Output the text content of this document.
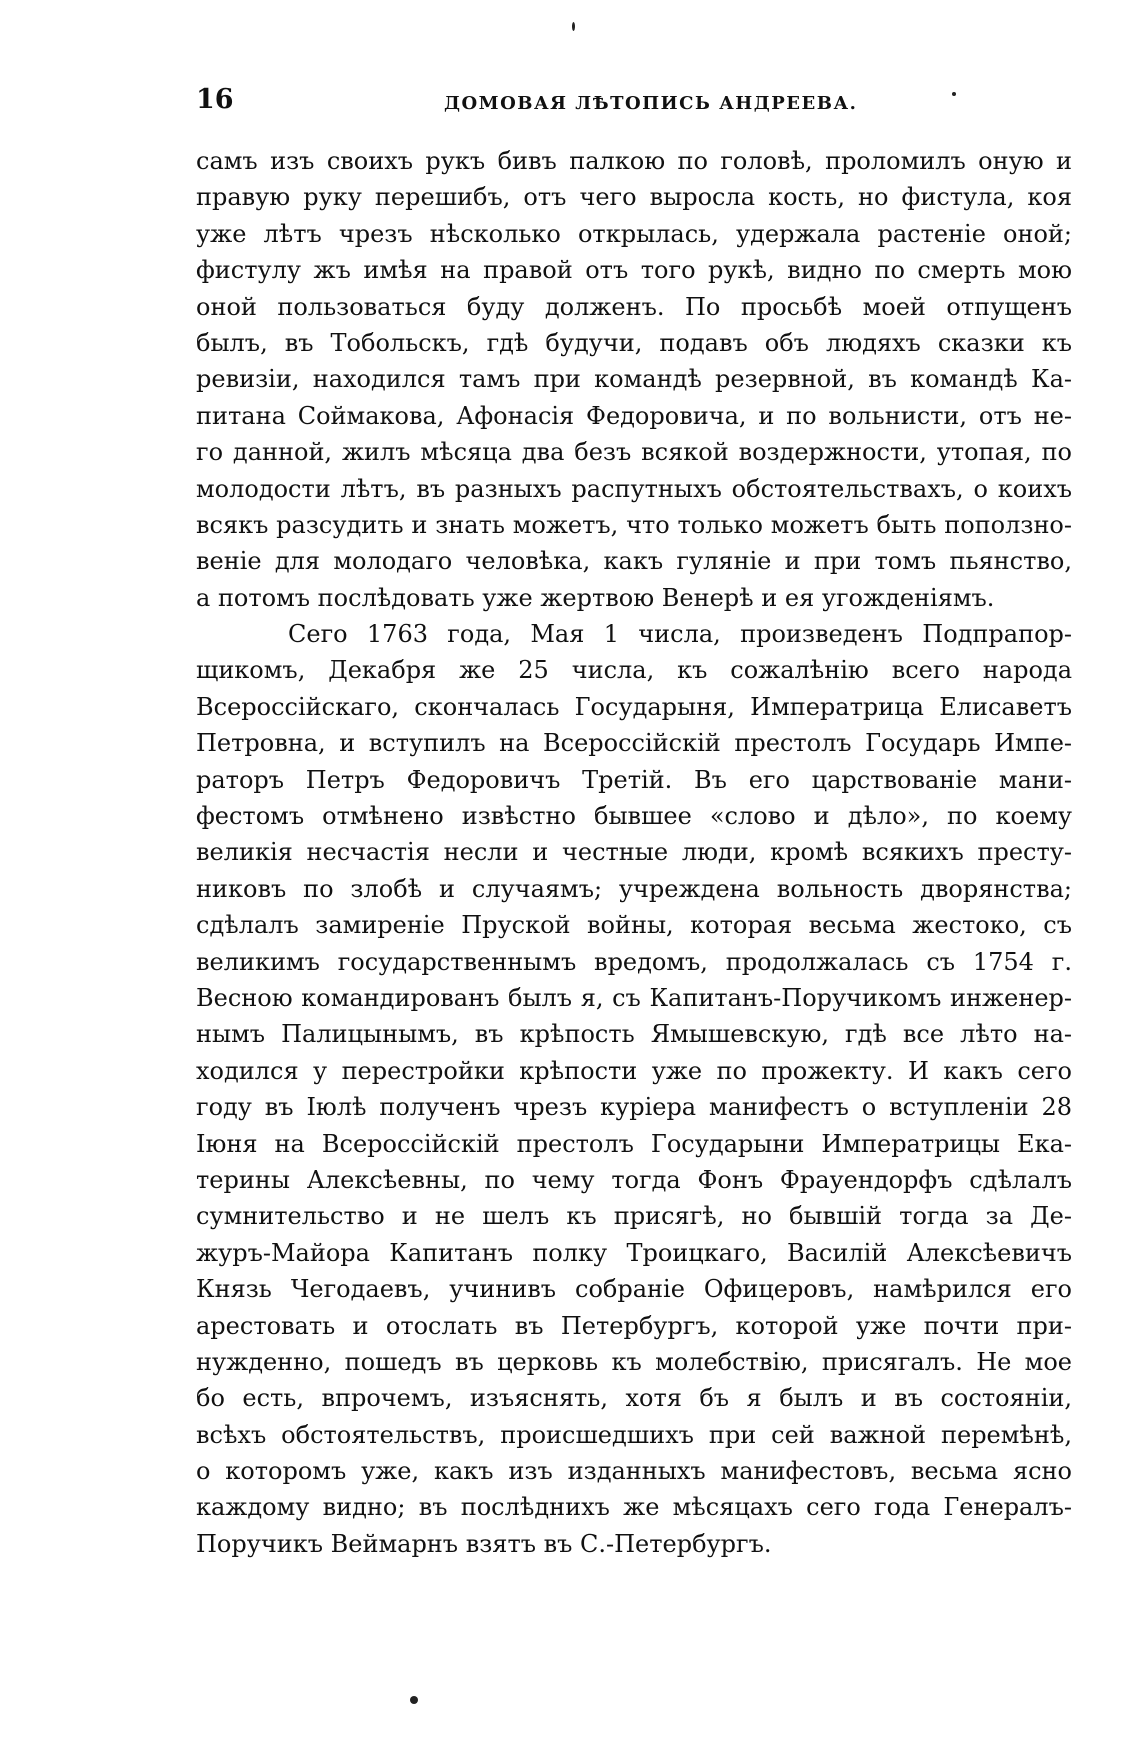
16	ДОМОВАЯ ЛѢТОПИСЬ АНДРЕЕВА.
самъ изъ своихъ рукъ бивъ палкою по головѣ, проломилъ оную и
правую руку перешибъ, отъ чего выросла кость, но фистула, коя
уже лѣтъ чрезъ нѣсколько открылась, удержала растеніе оной;
фистулу жъ имѣя на правой отъ того рукѣ, видно по смерть мою
оной пользоваться буду долженъ. По просьбѣ моей отпущенъ
былъ, въ Тобольскъ, гдѣ будучи, подавъ объ людяхъ сказки къ
ревизіи, находился тамъ при командѣ резервной, въ командѣ Ка-
питана Соймакова, Афонасія Федоровича, и по вольнисти, отъ не-
го данной, жилъ мѣсяца два безъ всякой воздержности, утопая, по
молодости лѣтъ, въ разныхъ распутныхъ обстоятельствахъ, о коихъ
всякъ разсудить и знать можетъ, что только можетъ быть поползно-
веніе для молодаго человѣка, какъ гуляніе и при томъ пьянство,
а потомъ послѣдовать уже жертвою Венерѣ и ея угожденіямъ.
Сего 1763 года, Мая 1 числа, произведенъ Подпрапор-
щикомъ, Декабря же 25 числа, къ сожалѣнію всего народа
Всероссійскаго, скончалась Государыня, Императрица Елисаветъ
Петровна, и вступилъ на Всероссійскій престолъ Государь Импе-
раторъ Петръ Федоровичъ Третій. Въ его царствованіе мани-
фестомъ отмѣнено извѣстно бывшее «слово и дѣло», по коему
великія несчастія несли и честные люди, кромѣ всякихъ престу-
никовъ по злобѣ и случаямъ; учреждена вольность дворянства;
сдѣлалъ замиреніе Пруской войны, которая весьма жестоко, съ
великимъ государственнымъ вредомъ, продолжалась съ 1754 г.
Весною командированъ былъ я, съ Капитанъ-Поручикомъ инженер-
нымъ Палицынымъ, въ крѣпость Ямышевскую, гдѣ все лѣто на-
ходился у перестройки крѣпости уже по прожекту. И какъ сего
году въ Іюлѣ полученъ чрезъ куріера манифестъ о вступленіи 28
Іюня на Всероссійскій престолъ Государыни Императрицы Ека-
терины Алексѣевны, по чему тогда Фонъ Фрауендорфъ сдѣлалъ
сумнительство и не шелъ къ присягѣ, но бывшій тогда за Де-
журъ-Майора Капитанъ полку Троицкаго, Василій Алексѣевичъ
Князь Чегодаевъ, учинивъ собраніе Офицеровъ, намѣрился его
арестовать и отослать въ Петербургъ, которой уже почти при-
нужденно, пошедъ въ церковь къ молебствію, присягалъ. Не мое
бо есть, впрочемъ, изъяснять, хотя бъ я былъ и въ состояніи,
всѣхъ обстоятельствъ, происшедшихъ при сей важной перемѣнѣ,
о которомъ уже, какъ изъ изданныхъ манифестовъ, весьма ясно
каждому видно; въ послѣднихъ же мѣсяцахъ сего года Генералъ-
Поручикъ Веймарнъ взятъ въ С.-Петербургъ.
